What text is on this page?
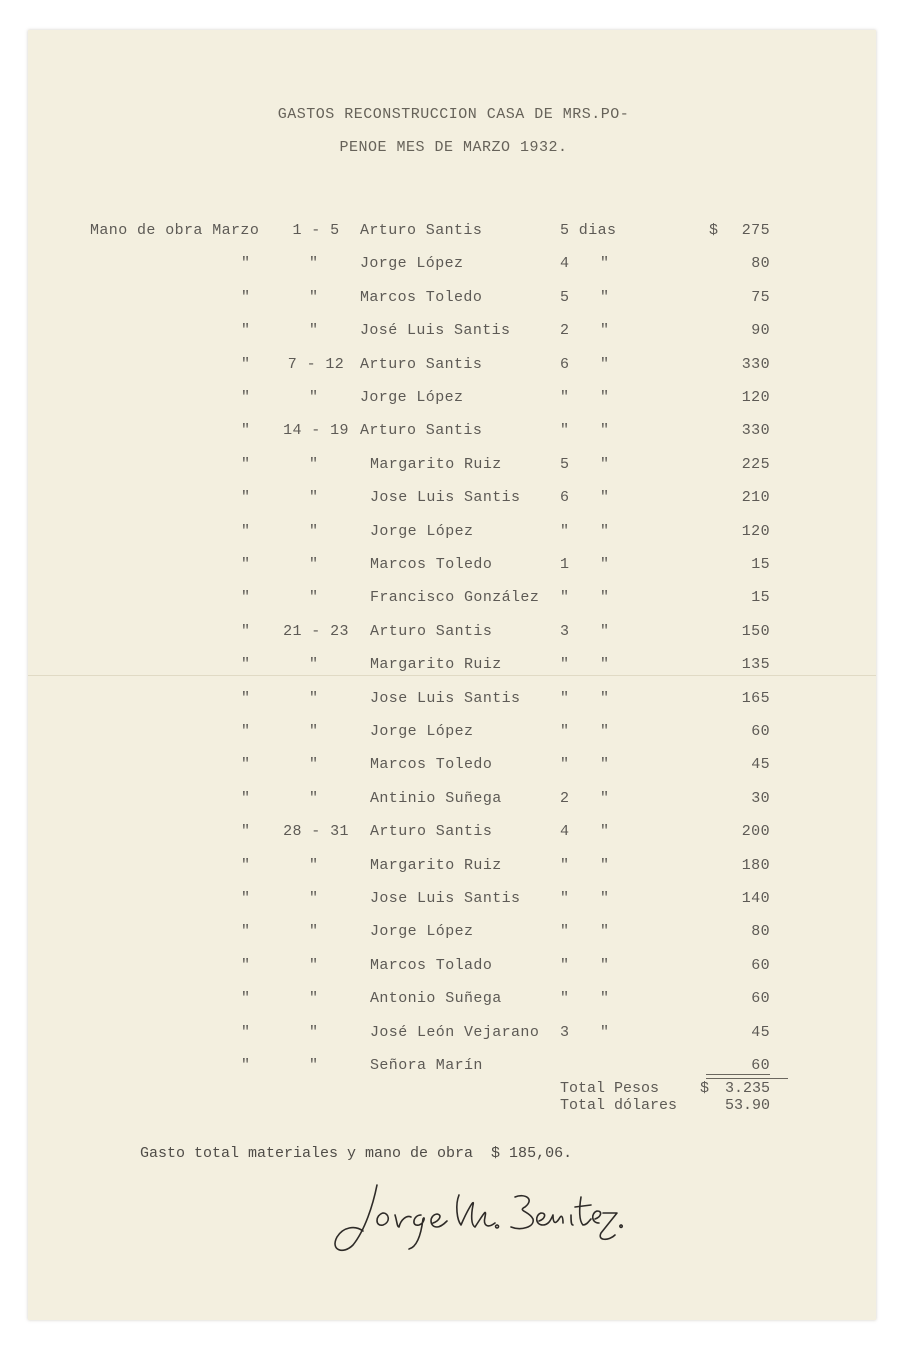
GASTOS RECONSTRUCCION CASA DE MRS.PO-
PENOE MES DE MARZO 1932.
Mano de obra Marzo	1 - 5	Arturo Santis	5 dias	$	275
"	"	Jorge López	4 "	80
"	"	Marcos Toledo	5 "	75
"	"	José Luis Santis	2 "	90
"	7 - 12	Arturo Santis	6 "	330
"	"	Jorge López	" "	120
"	14 - 19 Arturo Santis	" "	330
"	"	Margarito Ruiz	5 "	225
"	"	Jose Luis Santis	6 "	210
"	"	Jorge López	" "	120
"	"	Marcos Toledo	1 "	15
"	"	Francisco González " "	15
"	21 - 23	Arturo Santis	3 "	150
"	"	Margarito Ruiz	" "	135
"	"	Jose Luis Santis	" "	165
"	"	Jorge López	" "	60
"	"	Marcos Toledo	" "	45
"	"	Antinio Suñega	2 "	30
"	28 - 31	Arturo Santis	4 "	200
"	"	Margarito Ruiz	" "	180
"	"	Jose Luis Santis	" "	140
"	"	Jorge López	" "	80
"	"	Marcos Tolado	" "	60
"	"	Antonio Suñega	" "	60
"	"	José León Vejarano 3 "	45
"	"	Señora Marín	60
Total Pesos	$	3.235
Total dólares	53.90
Gasto total materiales y mano de obra  $ 185,06.
Jorge M. Benítez
